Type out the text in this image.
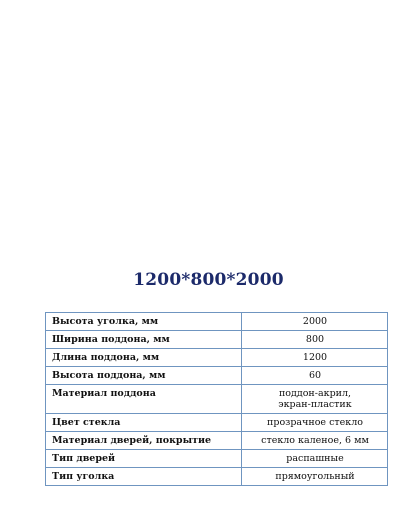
1200*800*2000
Высота уголка, мм	2000
Ширина поддона, мм	800
Длина поддона, мм	1200
Высота поддона, мм	60
Материал поддона	поддон-акрил,
экран-пластик
Цвет стекла	прозрачное стекло
Материал дверей, покрытие	стекло каленое, 6 мм
Тип дверей	распашные
Тип уголка	прямоугольный
